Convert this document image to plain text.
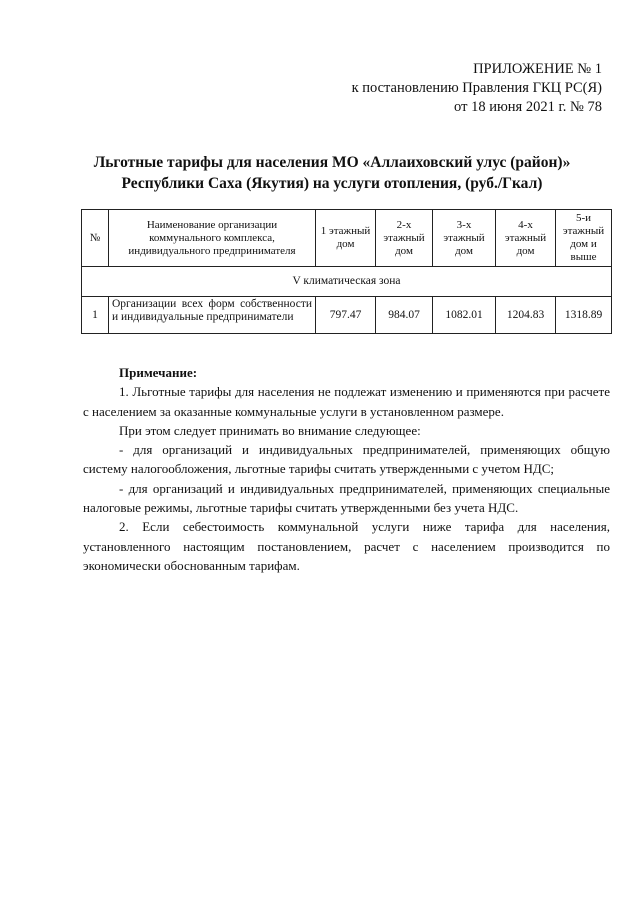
ПРИЛОЖЕНИЕ № 1
к постановлению Правления ГКЦ РС(Я)
от 18 июня 2021 г. № 78
Льготные тарифы для населения МО «Аллаиховский улус (район)»
Республики Саха (Якутия) на услуги отопления, (руб./Гкал)
№	Наименование организации коммунального комплекса, индивидуального предпринимателя	1 этажный дом	2-х этажный дом	3-х этажный дом	4-х этажный дом	5-и этажный дом и выше
V климатическая зона						
1	Организации всех форм собственности и индивидуальные предприниматели	797.47	984.07	1082.01	1204.83	1318.89
Примечание:

1. Льготные тарифы для населения не подлежат изменению и применяются при расчете с населением за оказанные коммунальные услуги в установленном размере.

При этом следует принимать во внимание следующее:

- для организаций и индивидуальных предпринимателей, применяющих общую систему налогообложения, льготные тарифы считать утвержденными с учетом НДС;

- для организаций и индивидуальных предпринимателей, применяющих специальные налоговые режимы, льготные тарифы считать утвержденными без учета НДС.

2. Если себестоимость коммунальной услуги ниже тарифа для населения, установленного настоящим постановлением, расчет с населением производится по экономически обоснованным тарифам.
